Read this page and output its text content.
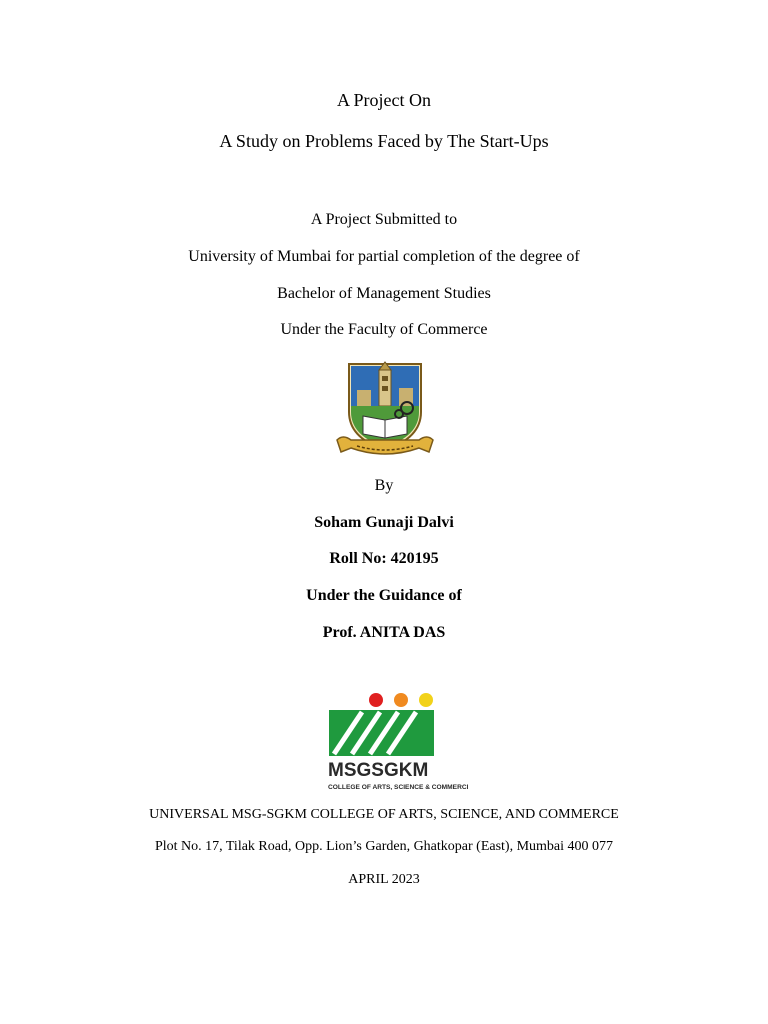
A Project On
A Study on Problems Faced by The Start-Ups
A Project Submitted to
University of Mumbai for partial completion of the degree of
Bachelor of Management Studies
Under the Faculty of Commerce
By
Soham Gunaji Dalvi
Roll No: 420195
Under the Guidance of
Prof. ANITA DAS
MSGSGKM
COLLEGE OF ARTS, SCIENCE & COMMERCI
UNIVERSAL MSG-SGKM COLLEGE OF ARTS, SCIENCE, AND COMMERCE
Plot No. 17, Tilak Road, Opp. Lion’s Garden, Ghatkopar (East), Mumbai 400 077
APRIL 2023
